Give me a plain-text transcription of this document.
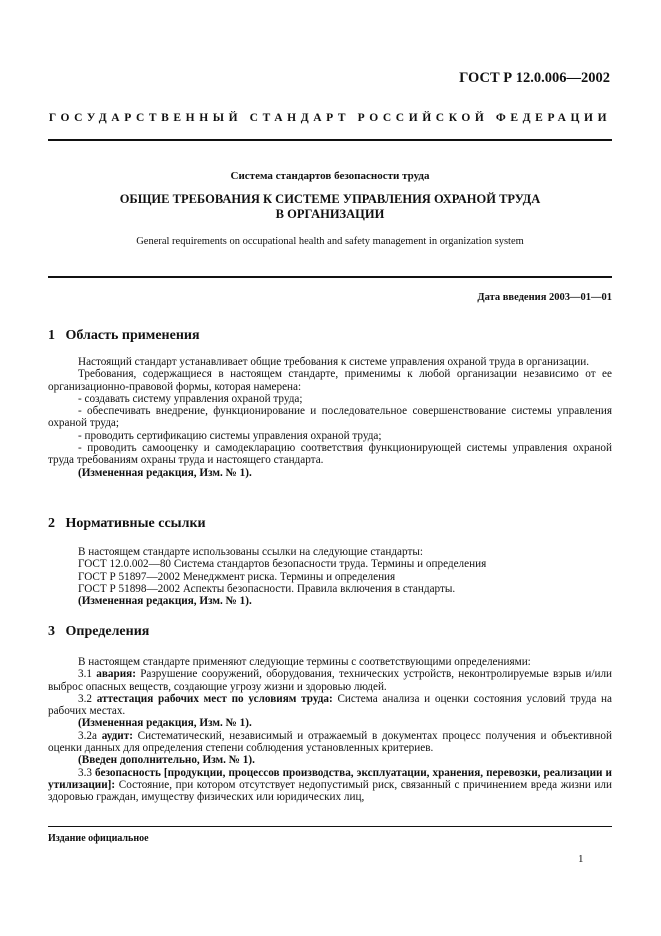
ГОСТ Р 12.0.006—2002
ГОСУДАРСТВЕННЫЙ СТАНДАРТ РОССИЙСКОЙ ФЕДЕРАЦИИ
Система стандартов безопасности труда
ОБЩИЕ ТРЕБОВАНИЯ К СИСТЕМЕ УПРАВЛЕНИЯ ОХРАНОЙ ТРУДА
В ОРГАНИЗАЦИИ
General requirements on occupational health and safety management in organization system
Дата введения 2003—01—01
1 Область применения

Настоящий стандарт устанавливает общие требования к системе управления охраной труда в организации.

Требования, содержащиеся в настоящем стандарте, применимы к любой организации независимо от ее организационно-правовой формы, которая намерена:

- создавать систему управления охраной труда;

- обеспечивать внедрение, функционирование и последовательное совершенствование системы управления охраной труда;

- проводить сертификацию системы управления охраной труда;

- проводить самооценку и самодекларацию соответствия функционирующей системы управления охраной труда требованиям охраны труда и настоящего стандарта.

(Измененная редакция, Изм. № 1).

2 Нормативные ссылки

В настоящем стандарте использованы ссылки на следующие стандарты:

ГОСТ 12.0.002—80 Система стандартов безопасности труда. Термины и определения

ГОСТ Р 51897—2002 Менеджмент риска. Термины и определения

ГОСТ Р 51898—2002 Аспекты безопасности. Правила включения в стандарты.

(Измененная редакция, Изм. № 1).

3 Определения

В настоящем стандарте применяют следующие термины с соответствующими определениями:

3.1 авария: Разрушение сооружений, оборудования, технических устройств, неконтролируемые взрыв и/или выброс опасных веществ, создающие угрозу жизни и здоровью людей.

3.2 аттестация рабочих мест по условиям труда: Система анализа и оценки состояния условий труда на рабочих местах.

(Измененная редакция, Изм. № 1).

3.2а аудит: Систематический, независимый и отражаемый в документах процесс получения и объективной оценки данных для определения степени соблюдения установленных критериев.

(Введен дополнительно, Изм. № 1).

3.3 безопасность [продукции, процессов производства, эксплуатации, хранения, перевозки, реализации и утилизации]: Состояние, при котором отсутствует недопустимый риск, связанный с причинением вреда жизни или здоровью граждан, имуществу физических или юридических лиц,

Издание официальное
1
